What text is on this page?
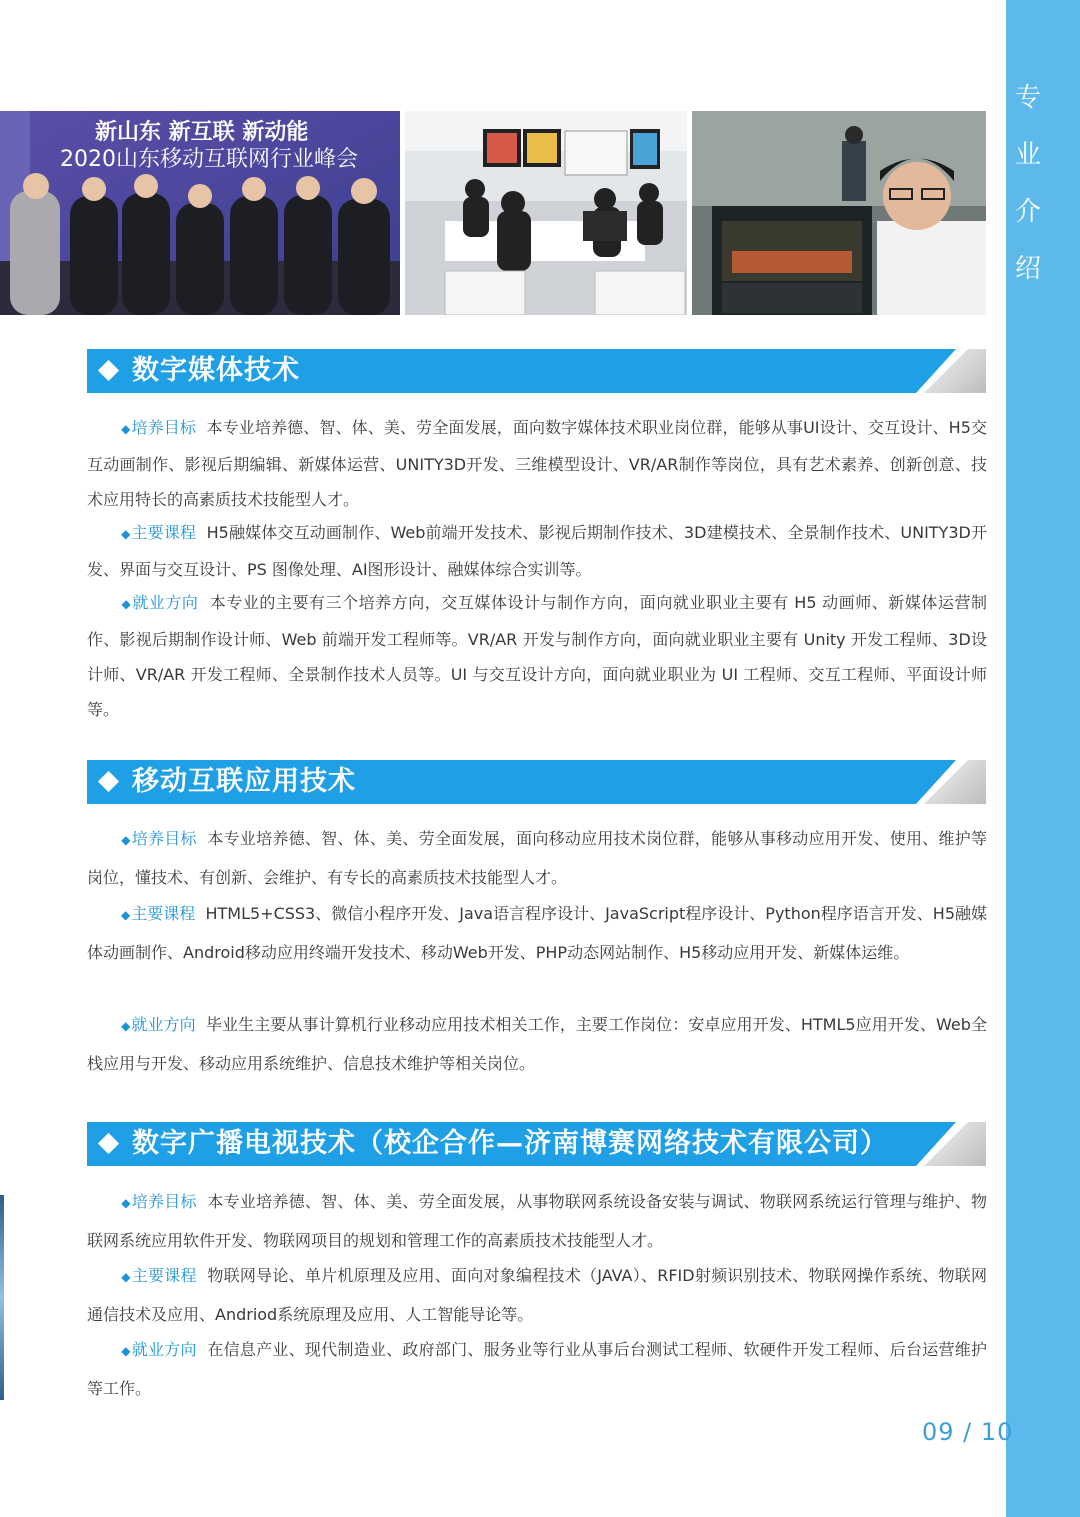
专
业
介
绍
新山东 新互联 新动能
2020山东移动互联网行业峰会
数字媒体技术

◆培养目标 本专业培养德、智、体、美、劳全面发展，面向数字媒体技术职业岗位群，能够从事UI设计、交互设计、H5交互动画制作、影视后期编辑、新媒体运营、UNITY3D开发、三维模型设计、VR/AR制作等岗位，具有艺术素养、创新创意、技术应用特长的高素质技术技能型人才。

◆主要课程 H5融媒体交互动画制作、Web前端开发技术、影视后期制作技术、3D建模技术、全景制作技术、UNITY3D开发、界面与交互设计、PS 图像处理、AI图形设计、融媒体综合实训等。

◆就业方向 本专业的主要有三个培养方向，交互媒体设计与制作方向，面向就业职业主要有 H5 动画师、新媒体运营制作、影视后期制作设计师、Web 前端开发工程师等。VR/AR 开发与制作方向，面向就业职业主要有 Unity 开发工程师、3D设计师、VR/AR 开发工程师、全景制作技术人员等。UI 与交互设计方向，面向就业职业为 UI 工程师、交互工程师、平面设计师等。

移动互联应用技术

◆培养目标 本专业培养德、智、体、美、劳全面发展，面向移动应用技术岗位群，能够从事移动应用开发、使用、维护等岗位，懂技术、有创新、会维护、有专长的高素质技术技能型人才。

◆主要课程 HTML5+CSS3、微信小程序开发、Java语言程序设计、JavaScript程序设计、Python程序语言开发、H5融媒体动画制作、Android移动应用终端开发技术、移动Web开发、PHP动态网站制作、H5移动应用开发、新媒体运维。

◆就业方向 毕业生主要从事计算机行业移动应用技术相关工作，主要工作岗位：安卓应用开发、HTML5应用开发、Web全栈应用与开发、移动应用系统维护、信息技术维护等相关岗位。

数字广播电视技术（校企合作—济南博赛网络技术有限公司）

◆培养目标 本专业培养德、智、体、美、劳全面发展，从事物联网系统设备安装与调试、物联网系统运行管理与维护、物联网系统应用软件开发、物联网项目的规划和管理工作的高素质技术技能型人才。

◆主要课程 物联网导论、单片机原理及应用、面向对象编程技术（JAVA）、RFID射频识别技术、物联网操作系统、物联网通信技术及应用、Andriod系统原理及应用、人工智能导论等。

◆就业方向 在信息产业、现代制造业、政府部门、服务业等行业从事后台测试工程师、软硬件开发工程师、后台运营维护等工作。

09 / 10
